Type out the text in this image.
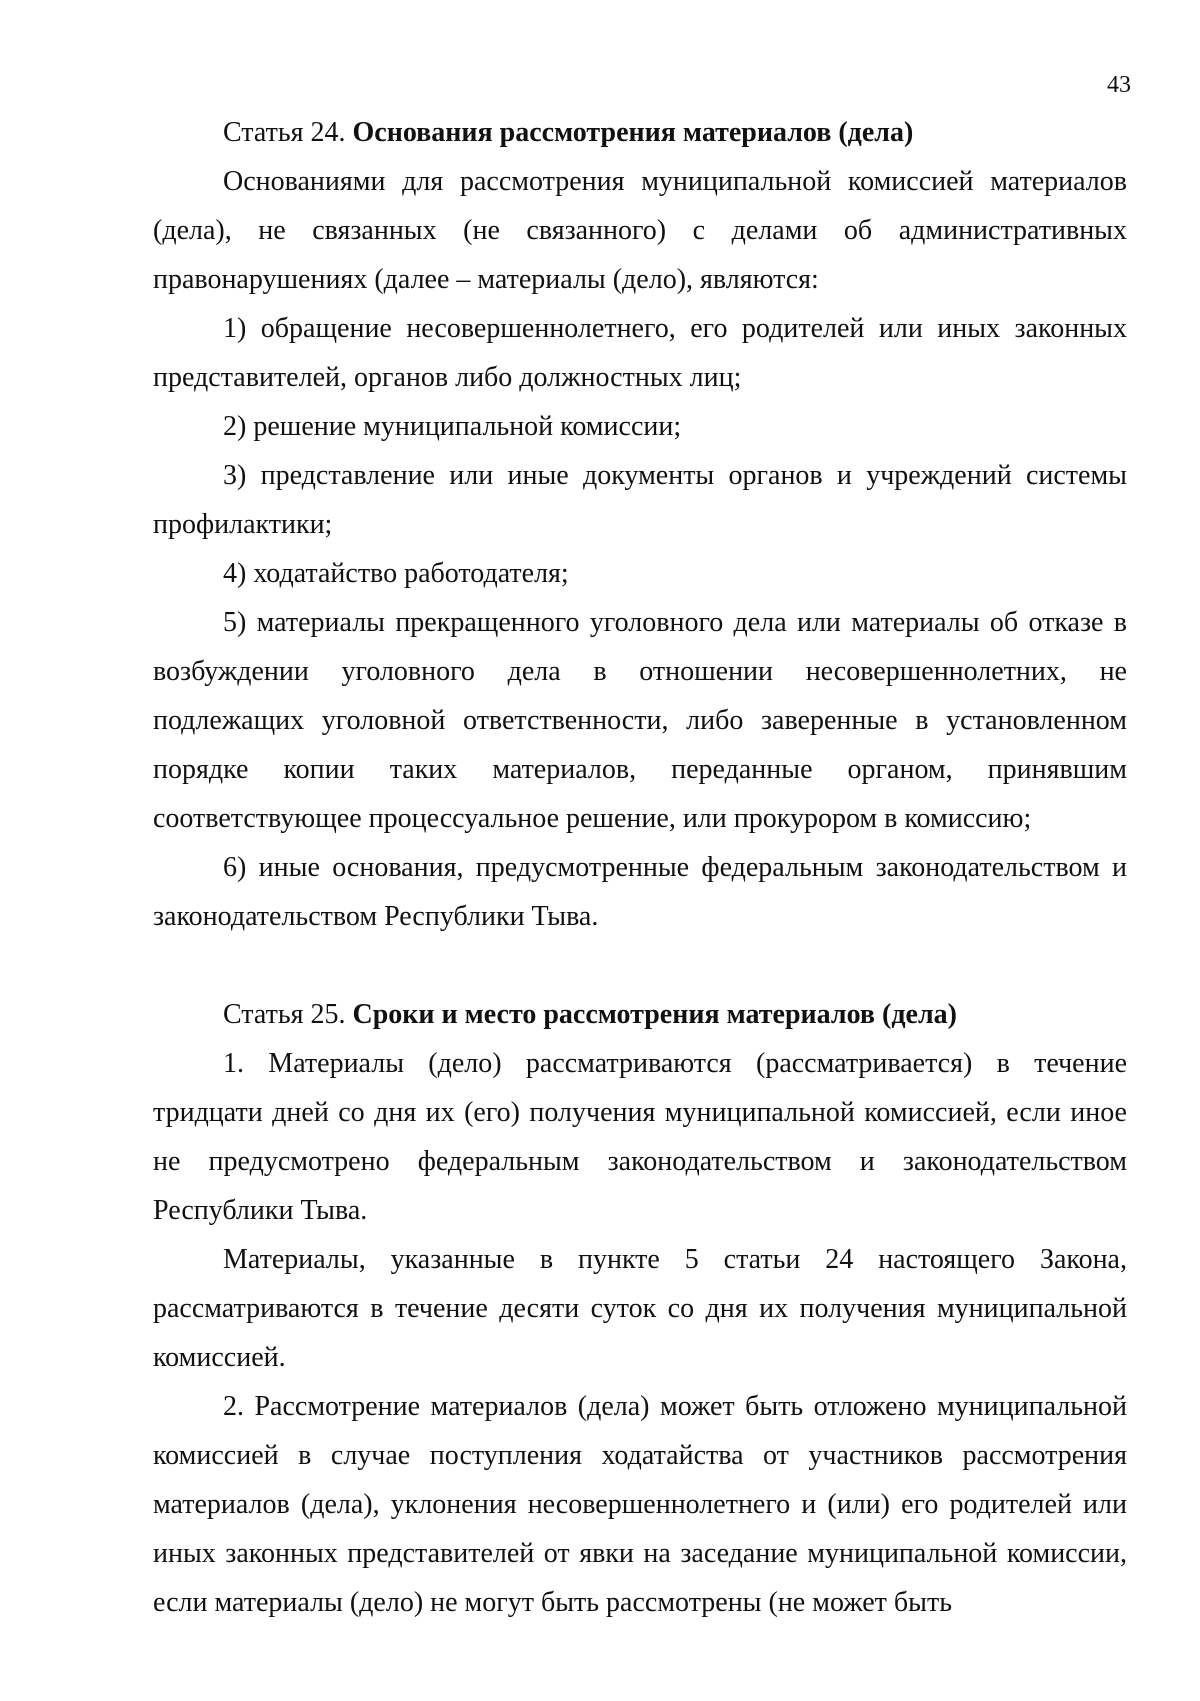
43

Статья 24. Основания рассмотрения материалов (дела)

Основаниями для рассмотрения муниципальной комиссией материалов (дела), не связанных (не связанного) с делами об административных правонарушениях (далее – материалы (дело), являются:

1) обращение несовершеннолетнего, его родителей или иных законных представителей, органов либо должностных лиц;

2) решение муниципальной комиссии;

3) представление или иные документы органов и учреждений системы профилактики;

4) ходатайство работодателя;

5) материалы прекращенного уголовного дела или материалы об отказе в возбуждении уголовного дела в отношении несовершеннолетних, не подлежащих уголовной ответственности, либо заверенные в установленном порядке копии таких материалов, переданные органом, принявшим соответствующее процессуальное решение, или прокурором в комиссию;

6) иные основания, предусмотренные федеральным законодательством и законодательством Республики Тыва.

Статья 25. Сроки и место рассмотрения материалов (дела)

1. Материалы (дело) рассматриваются (рассматривается) в течение тридцати дней со дня их (его) получения муниципальной комиссией, если иное не предусмотрено федеральным законодательством и законодательством Республики Тыва.

Материалы, указанные в пункте 5 статьи 24 настоящего Закона, рассматриваются в течение десяти суток со дня их получения муниципальной комиссией.

2. Рассмотрение материалов (дела) может быть отложено муниципальной комиссией в случае поступления ходатайства от участников рассмотрения материалов (дела), уклонения несовершеннолетнего и (или) его родителей или иных законных представителей от явки на заседание муниципальной комиссии, если материалы (дело) не могут быть рассмотрены (не может быть
